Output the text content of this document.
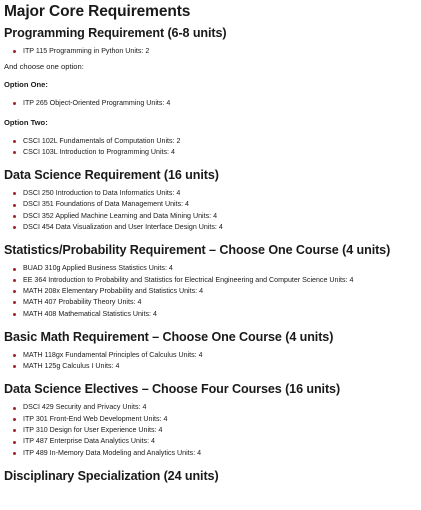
Major Core Requirements
Programming Requirement (6-8 units)
ITP 115 Programming in Python Units: 2

And choose one option:

Option One:

ITP 265 Object-Oriented Programming Units: 4

Option Two:

CSCI 102L Fundamentals of Computation Units: 2
CSCI 103L Introduction to Programming Units: 4
Data Science Requirement (16 units)
DSCI 250 Introduction to Data Informatics Units: 4
DSCI 351 Foundations of Data Management Units: 4
DSCI 352 Applied Machine Learning and Data Mining Units: 4
DSCI 454 Data Visualization and User Interface Design Units: 4
Statistics/Probability Requirement – Choose One Course (4 units)
BUAD 310g Applied Business Statistics Units: 4
EE 364 Introduction to Probability and Statistics for Electrical Engineering and Computer Science Units: 4
MATH 208x Elementary Probability and Statistics Units: 4
MATH 407 Probability Theory Units: 4
MATH 408 Mathematical Statistics Units: 4
Basic Math Requirement – Choose One Course (4 units)
MATH 118gx Fundamental Principles of Calculus Units: 4
MATH 125g Calculus I Units: 4
Data Science Electives – Choose Four Courses (16 units)
DSCI 429 Security and Privacy Units: 4
ITP 301 Front-End Web Development Units: 4
ITP 310 Design for User Experience Units: 4
ITP 487 Enterprise Data Analytics Units: 4
ITP 489 In-Memory Data Modeling and Analytics Units: 4
Disciplinary Specialization (24 units)
